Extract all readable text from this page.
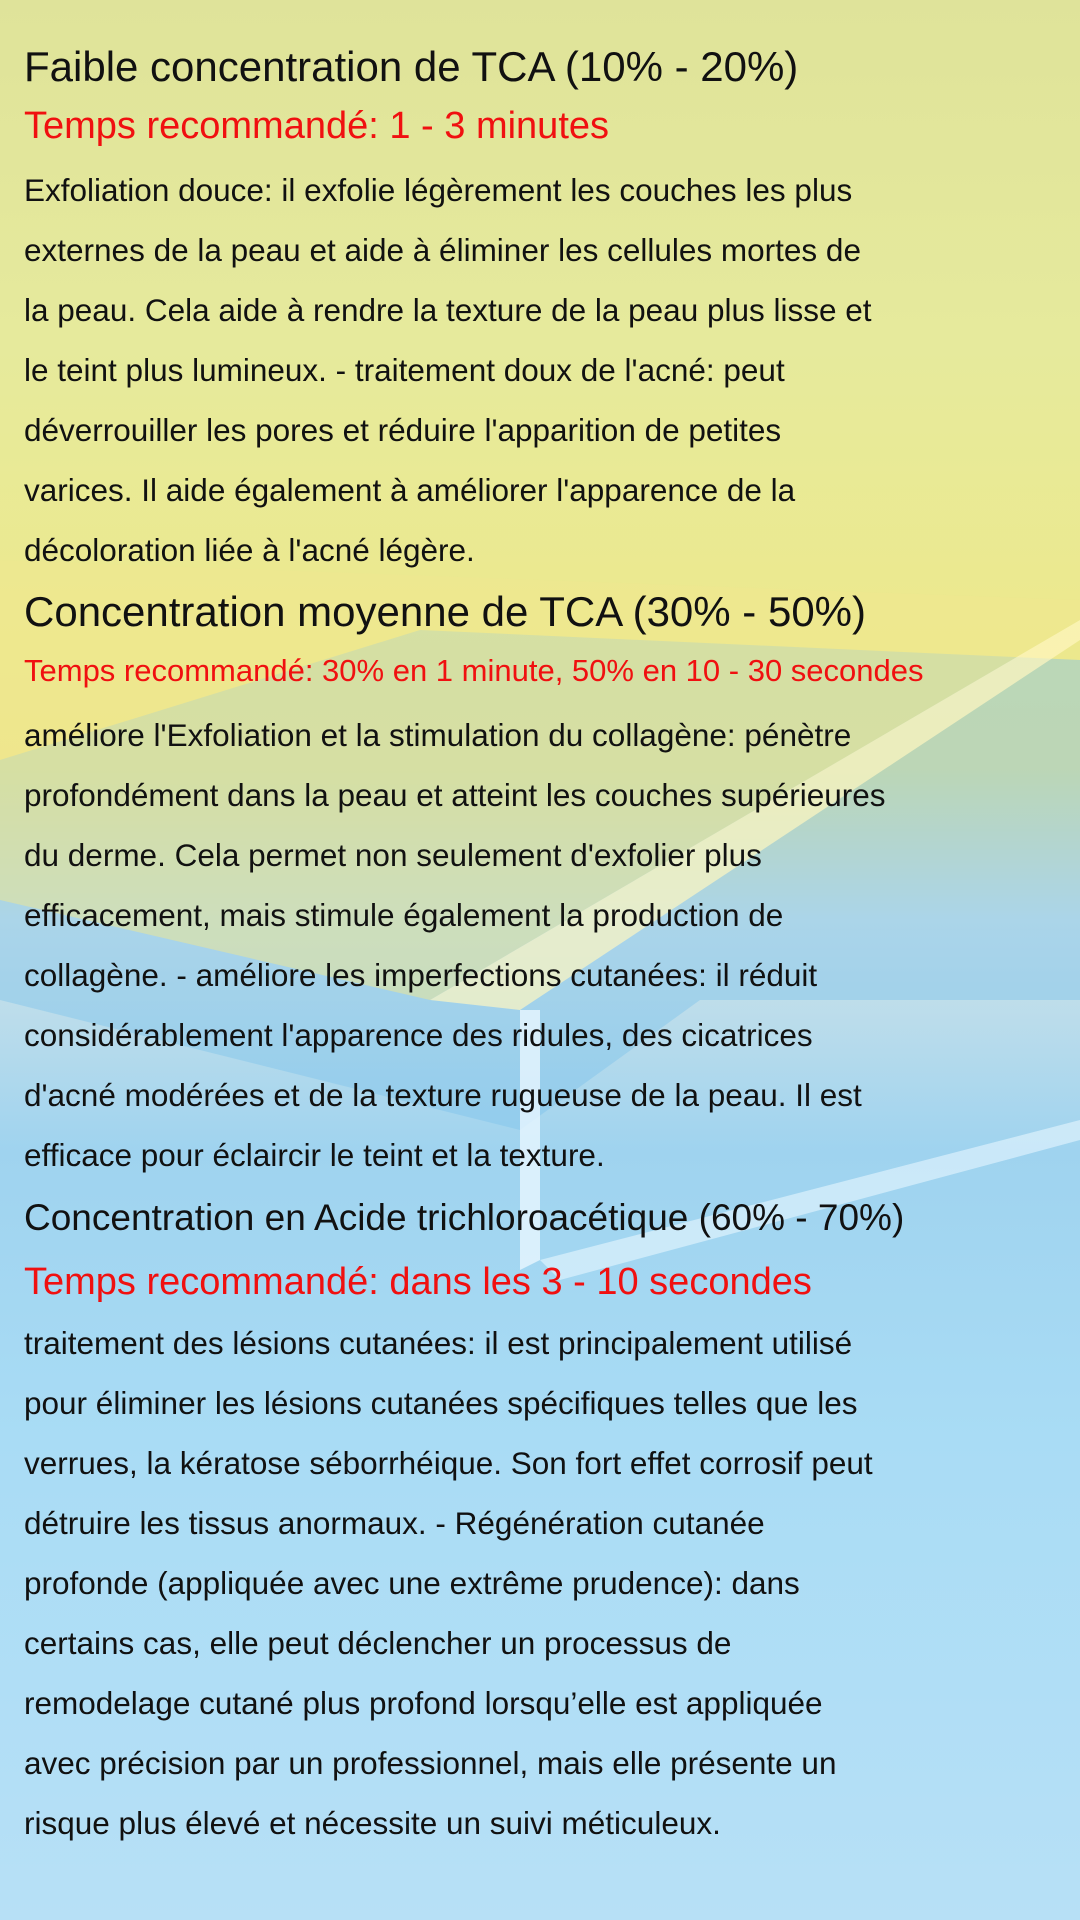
Faible concentration de TCA (10% - 20%)
Temps recommandé: 1 - 3 minutes
Exfoliation douce: il exfolie légèrement les couches les plus
externes de la peau et aide à éliminer les cellules mortes de
la peau. Cela aide à rendre la texture de la peau plus lisse et
le teint plus lumineux. - traitement doux de l'acné: peut
déverrouiller les pores et réduire l'apparition de petites
varices. Il aide également à améliorer l'apparence de la
décoloration liée à l'acné légère.
Concentration moyenne de TCA (30% - 50%)
Temps recommandé: 30% en 1 minute, 50% en 10 - 30 secondes
améliore l'Exfoliation et la stimulation du collagène: pénètre
profondément dans la peau et atteint les couches supérieures
du derme. Cela permet non seulement d'exfolier plus
efficacement, mais stimule également la production de
collagène. - améliore les imperfections cutanées: il réduit
considérablement l'apparence des ridules, des cicatrices
d'acné modérées et de la texture rugueuse de la peau. Il est
efficace pour éclaircir le teint et la texture.
Concentration en Acide trichloroacétique (60% - 70%)
Temps recommandé: dans les 3 - 10 secondes
traitement des lésions cutanées: il est principalement utilisé
pour éliminer les lésions cutanées spécifiques telles que les
verrues, la kératose séborrhéique. Son fort effet corrosif peut
détruire les tissus anormaux. - Régénération cutanée
profonde (appliquée avec une extrême prudence): dans
certains cas, elle peut déclencher un processus de
remodelage cutané plus profond lorsqu’elle est appliquée
avec précision par un professionnel, mais elle présente un
risque plus élevé et nécessite un suivi méticuleux.
